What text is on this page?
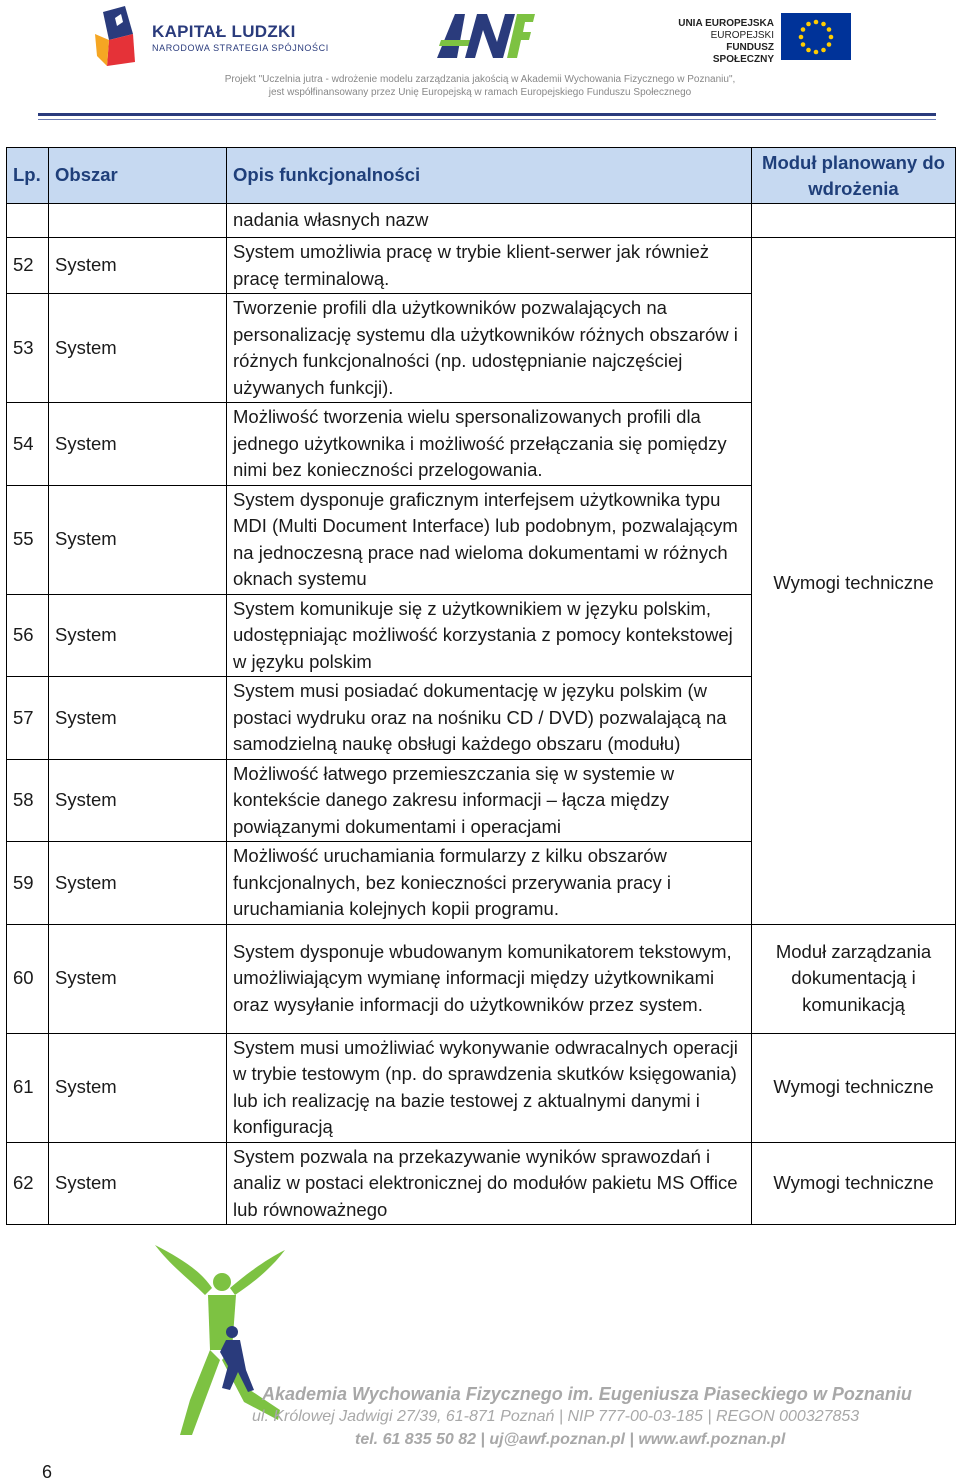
KAPITAŁ LUDZKI
NARODOWA STRATEGIA SPÓJNOŚCI
UNIA EUROPEJSKA
EUROPEJSKI
FUNDUSZ SPOŁECZNY
Projekt "Uczelnia jutra - wdrożenie modelu zarządzania jakością w Akademii Wychowania Fizycznego w Poznaniu",
jest współfinansowany przez Unię Europejską w ramach Europejskiego Funduszu Społecznego
Lp.	Obszar	Opis funkcjonalności	Moduł planowany do wdrożenia
		nadania własnych nazw	
52	System	System umożliwia pracę w trybie klient-serwer jak również pracę terminalową.	Wymogi techniczne
53	System	Tworzenie profili dla użytkowników pozwalających na personalizację systemu dla użytkowników różnych obszarów i różnych funkcjonalności (np. udostępnianie najczęściej używanych funkcji).	
54	System	Możliwość tworzenia wielu spersonalizowanych profili dla jednego użytkownika i możliwość przełączania się pomiędzy nimi bez konieczności przelogowania.	
55	System	System dysponuje graficznym interfejsem użytkownika typu MDI (Multi Document Interface) lub podobnym, pozwalającym na jednoczesną prace nad wieloma dokumentami w różnych oknach systemu	
56	System	System komunikuje się z użytkownikiem w języku polskim, udostępniając możliwość korzystania z pomocy kontekstowej w języku polskim	
57	System	System musi posiadać dokumentację w języku polskim (w postaci wydruku oraz na nośniku CD / DVD) pozwalającą na samodzielną naukę obsługi każdego obszaru (modułu)	
58	System	Możliwość łatwego przemieszczania się w systemie w kontekście danego zakresu informacji – łącza między powiązanymi dokumentami i operacjami	
59	System	Możliwość uruchamiania formularzy z kilku obszarów funkcjonalnych, bez konieczności przerywania pracy i uruchamiania kolejnych kopii programu.	
60	System	System dysponuje wbudowanym komunikatorem tekstowym, umożliwiającym wymianę informacji między użytkownikami oraz wysyłanie informacji do użytkowników przez system.	Moduł zarządzania dokumentacją i komunikacją
61	System	System musi umożliwiać wykonywanie odwracalnych operacji w trybie testowym (np. do sprawdzenia skutków księgowania) lub ich realizację na bazie testowej z aktualnymi danymi i konfiguracją	Wymogi techniczne
62	System	System pozwala na przekazywanie wyników sprawozdań i analiz w postaci elektronicznej do modułów pakietu MS Office lub równoważnego	Wymogi techniczne
Akademia Wychowania Fizycznego im. Eugeniusza Piaseckiego w Poznaniu
ul. Królowej Jadwigi 27/39, 61-871 Poznań | NIP 777-00-03-185 | REGON 000327853
tel. 61 835 50 82 | uj@awf.poznan.pl | www.awf.poznan.pl
6
